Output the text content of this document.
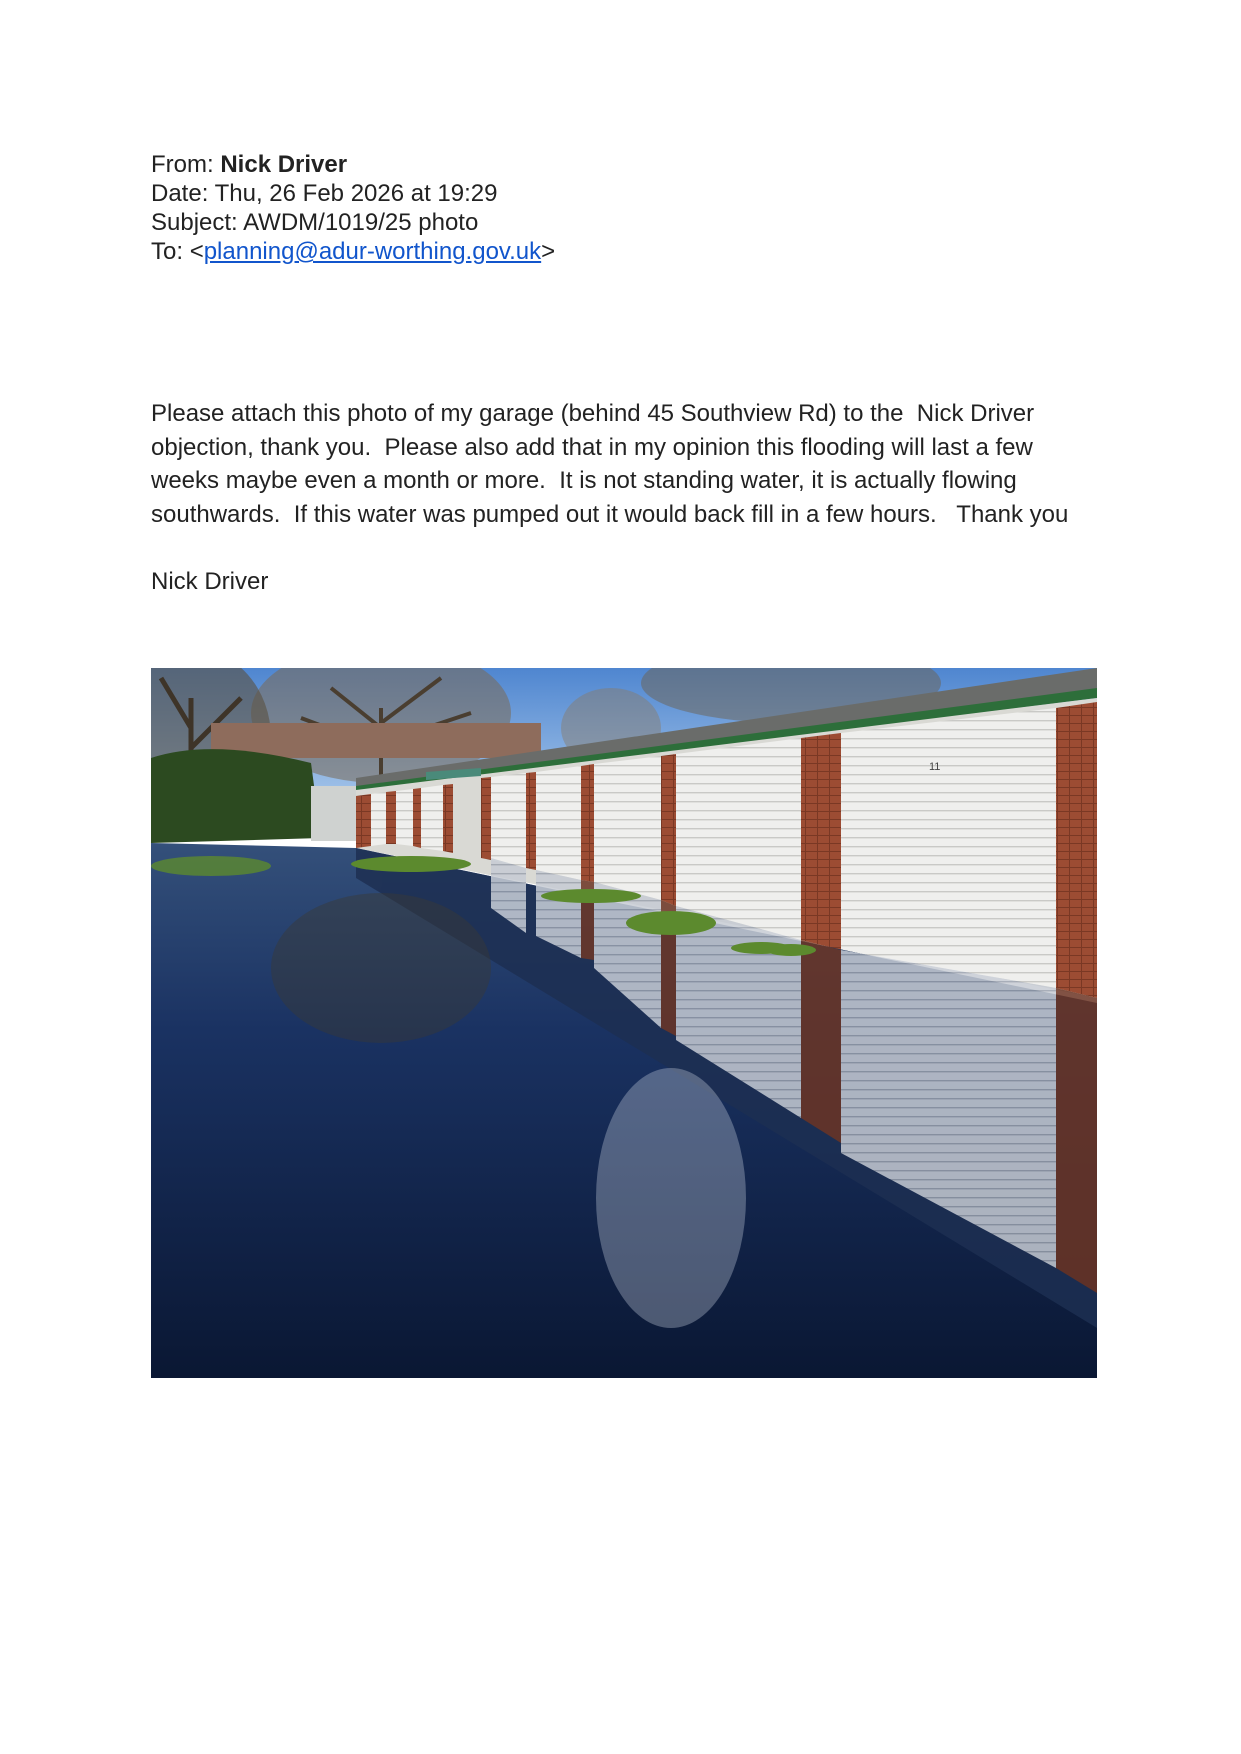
From: Nick Driver
Date: Thu, 26 Feb 2026 at 19:29
Subject: AWDM/1019/25 photo
To: <planning@adur-worthing.gov.uk>
Please attach this photo of my garage (behind 45 Southview Rd) to the  Nick Driver objection, thank you.  Please also add that in my opinion this flooding will last a few weeks maybe even a month or more.  It is not standing water, it is actually flowing southwards.  If this water was pumped out it would back fill in a few hours.   Thank you
Nick Driver
11
